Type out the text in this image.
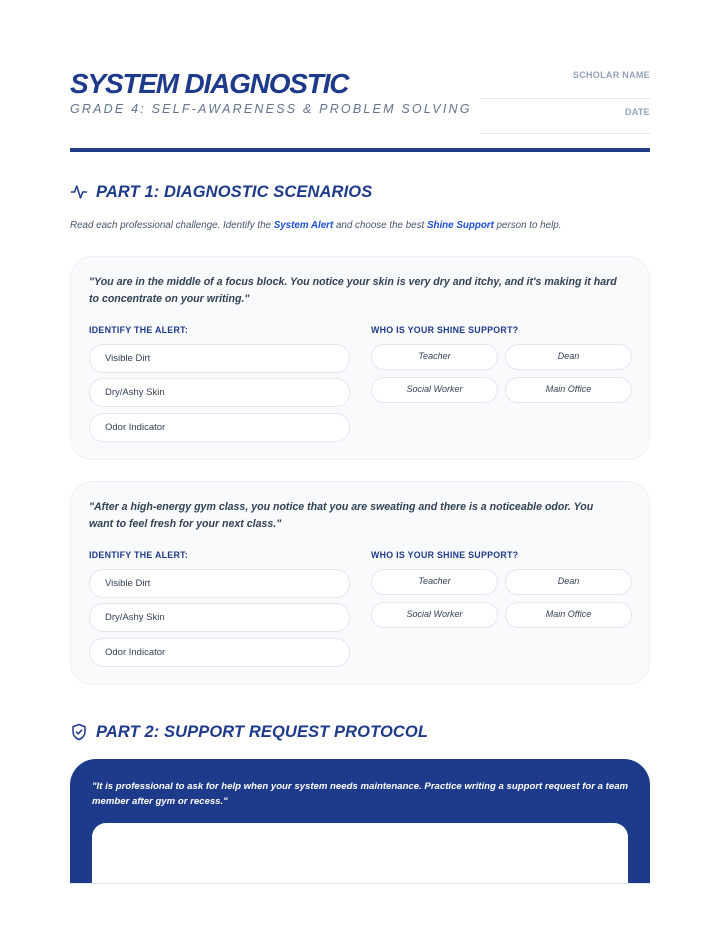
SYSTEM DIAGNOSTIC
GRADE 4: SELF-AWARENESS & PROBLEM SOLVING
SCHOLAR NAME
DATE
PART 1: DIAGNOSTIC SCENARIOS
Read each professional challenge. Identify the System Alert and choose the best Shine Support person to help.
"You are in the middle of a focus block. You notice your skin is very dry and itchy, and it's making it hard to concentrate on your writing."
IDENTIFY THE ALERT:	WHO IS YOUR SHINE SUPPORT?
Visible Dirt
Dry/Ashy Skin
Odor Indicator
Teacher	Dean
Social Worker	Main Office
"After a high-energy gym class, you notice that you are sweating and there is a noticeable odor. You want to feel fresh for your next class."
IDENTIFY THE ALERT:	WHO IS YOUR SHINE SUPPORT?
Visible Dirt
Dry/Ashy Skin
Odor Indicator
Teacher	Dean
Social Worker	Main Office
PART 2: SUPPORT REQUEST PROTOCOL
"It is professional to ask for help when your system needs maintenance. Practice writing a support request for a team member after gym or recess."
